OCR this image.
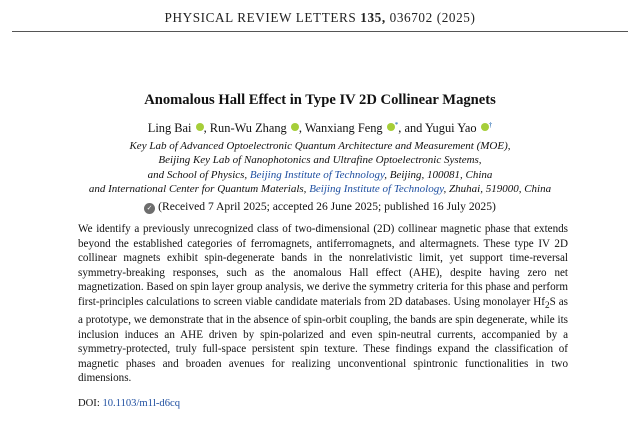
PHYSICAL REVIEW LETTERS 135, 036702 (2025)
Anomalous Hall Effect in Type IV 2D Collinear Magnets
Ling Bai , Run-Wu Zhang , Wanxiang Feng *, and Yugui Yao †
Key Lab of Advanced Optoelectronic Quantum Architecture and Measurement (MOE),
Beijing Key Lab of Nanophotonics and Ultrafine Optoelectronic Systems,
and School of Physics, Beijing Institute of Technology, Beijing, 100081, China
and International Center for Quantum Materials, Beijing Institute of Technology, Zhuhai, 519000, China
✓ (Received 7 April 2025; accepted 26 June 2025; published 16 July 2025)
We identify a previously unrecognized class of two-dimensional (2D) collinear magnetic phase that extends beyond the established categories of ferromagnets, antiferromagnets, and altermagnets. These type IV 2D collinear magnets exhibit spin-degenerate bands in the nonrelativistic limit, yet support time-reversal symmetry-breaking responses, such as the anomalous Hall effect (AHE), despite having zero net magnetization. Based on spin layer group analysis, we derive the symmetry criteria for this phase and perform first-principles calculations to screen viable candidate materials from 2D databases. Using monolayer $Hf_2S$ as a prototype, we demonstrate that in the absence of spin-orbit coupling, the bands are spin degenerate, while its inclusion induces an AHE driven by spin-polarized and even spin-neutral currents, accompanied by a symmetry-protected, truly full-space persistent spin texture. These findings expand the classification of magnetic phases and broaden avenues for realizing unconventional spintronic functionalities in two dimensions.
DOI: 10.1103/m1l-d6cq
